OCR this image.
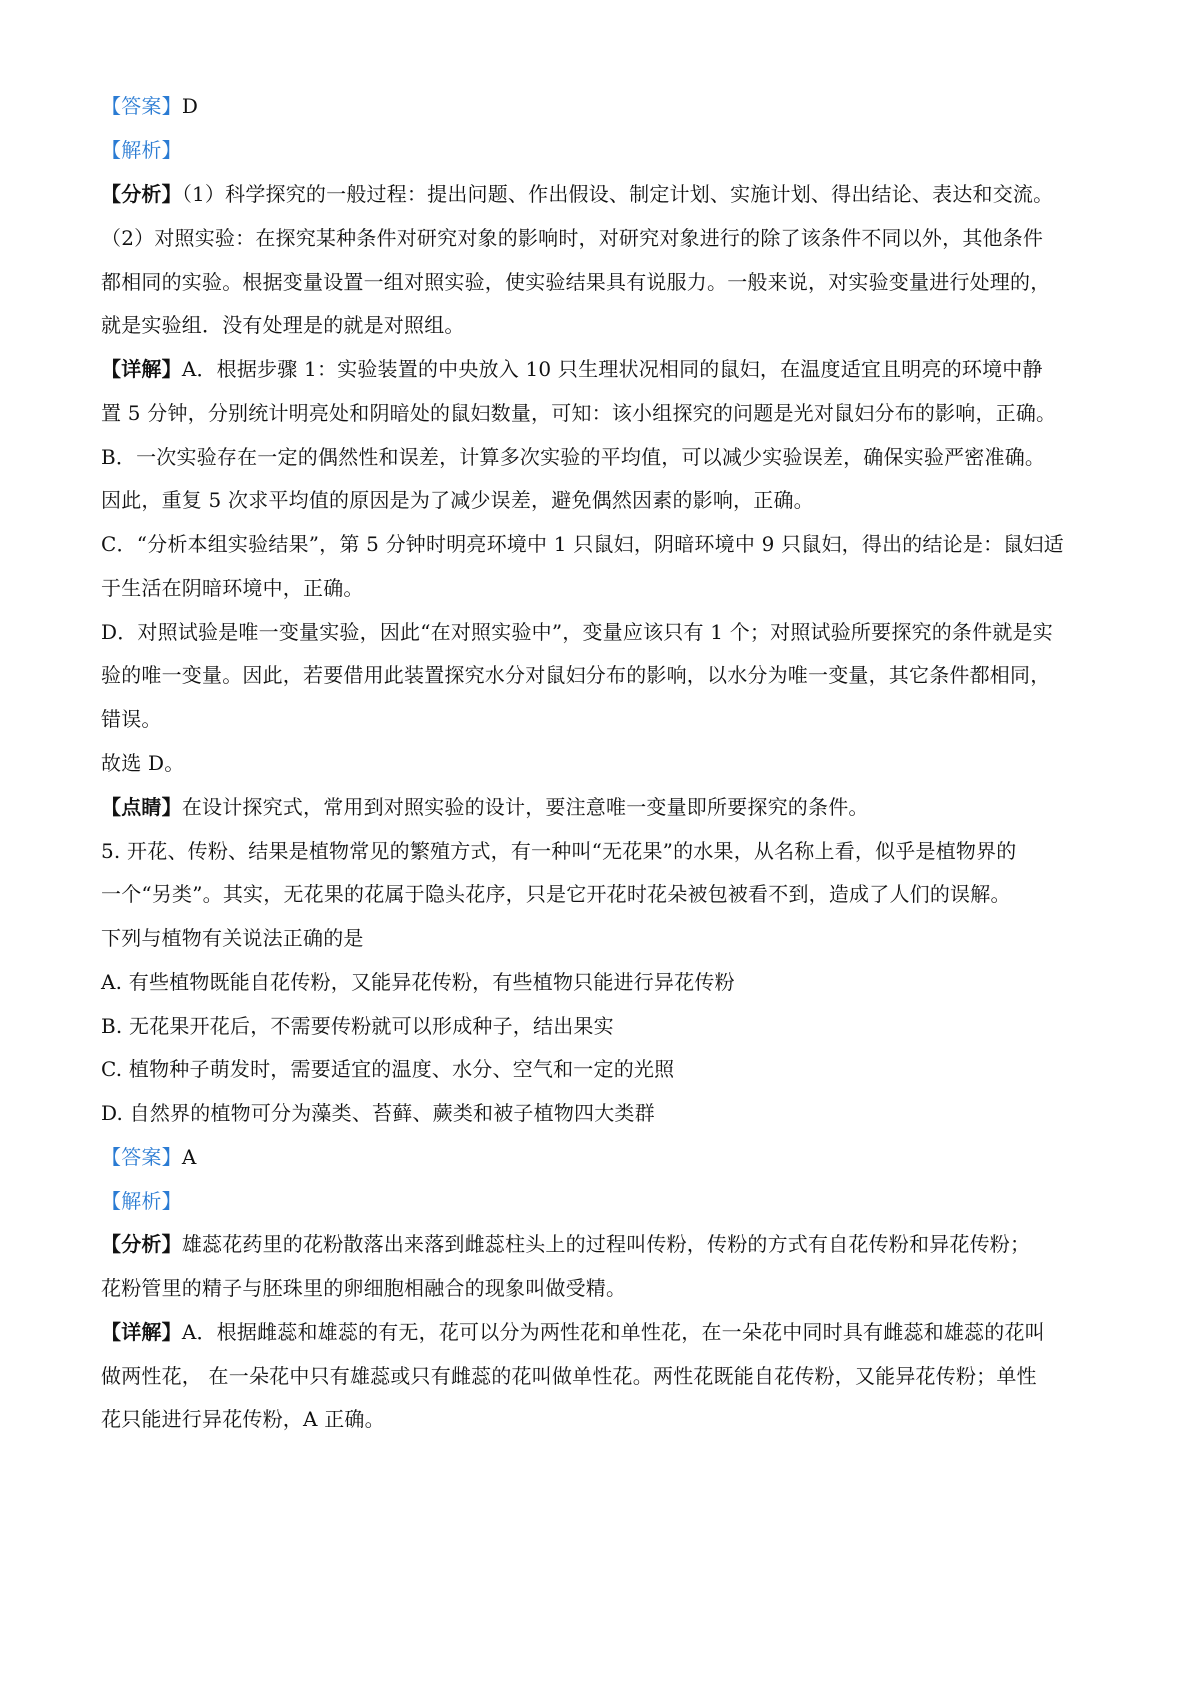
【答案】D
【解析】
【分析】（1）科学探究的一般过程：提出问题、作出假设、制定计划、实施计划、得出结论、表达和交流。
（2）对照实验：在探究某种条件对研究对象的影响时，对研究对象进行的除了该条件不同以外，其他条件
都相同的实验。根据变量设置一组对照实验，使实验结果具有说服力。一般来说，对实验变量进行处理的，
就是实验组．没有处理是的就是对照组。
【详解】A．根据步骤 1：实验装置的中央放入 10 只生理状况相同的鼠妇，在温度适宜且明亮的环境中静
置 5 分钟，分别统计明亮处和阴暗处的鼠妇数量，可知：该小组探究的问题是光对鼠妇分布的影响，正确。
B．一次实验存在一定的偶然性和误差，计算多次实验的平均值，可以减少实验误差，确保实验严密准确。
因此，重复 5 次求平均值的原因是为了减少误差，避免偶然因素的影响，正确。
C．“分析本组实验结果”，第 5 分钟时明亮环境中 1 只鼠妇，阴暗环境中 9 只鼠妇，得出的结论是：鼠妇适
于生活在阴暗环境中，正确。
D．对照试验是唯一变量实验，因此“在对照实验中”，变量应该只有 1 个；对照试验所要探究的条件就是实
验的唯一变量。因此，若要借用此装置探究水分对鼠妇分布的影响，以水分为唯一变量，其它条件都相同，
错误。
故选 D。
【点睛】在设计探究式，常用到对照实验的设计，要注意唯一变量即所要探究的条件。
5. 开花、传粉、结果是植物常见的繁殖方式，有一种叫“无花果”的水果，从名称上看，似乎是植物界的
一个“另类”。其实，无花果的花属于隐头花序，只是它开花时花朵被包被看不到，造成了人们的误解。
下列与植物有关说法正确的是
A. 有些植物既能自花传粉，又能异花传粉，有些植物只能进行异花传粉
B. 无花果开花后，不需要传粉就可以形成种子，结出果实
C. 植物种子萌发时，需要适宜的温度、水分、空气和一定的光照
D. 自然界的植物可分为藻类、苔藓、蕨类和被子植物四大类群
【答案】A
【解析】
【分析】雄蕊花药里的花粉散落出来落到雌蕊柱头上的过程叫传粉，传粉的方式有自花传粉和异花传粉；
花粉管里的精子与胚珠里的卵细胞相融合的现象叫做受精。
【详解】A．根据雌蕊和雄蕊的有无，花可以分为两性花和单性花，在一朵花中同时具有雌蕊和雄蕊的花叫
做两性花， 在一朵花中只有雄蕊或只有雌蕊的花叫做单性花。两性花既能自花传粉，又能异花传粉；单性
花只能进行异花传粉，A 正确。
